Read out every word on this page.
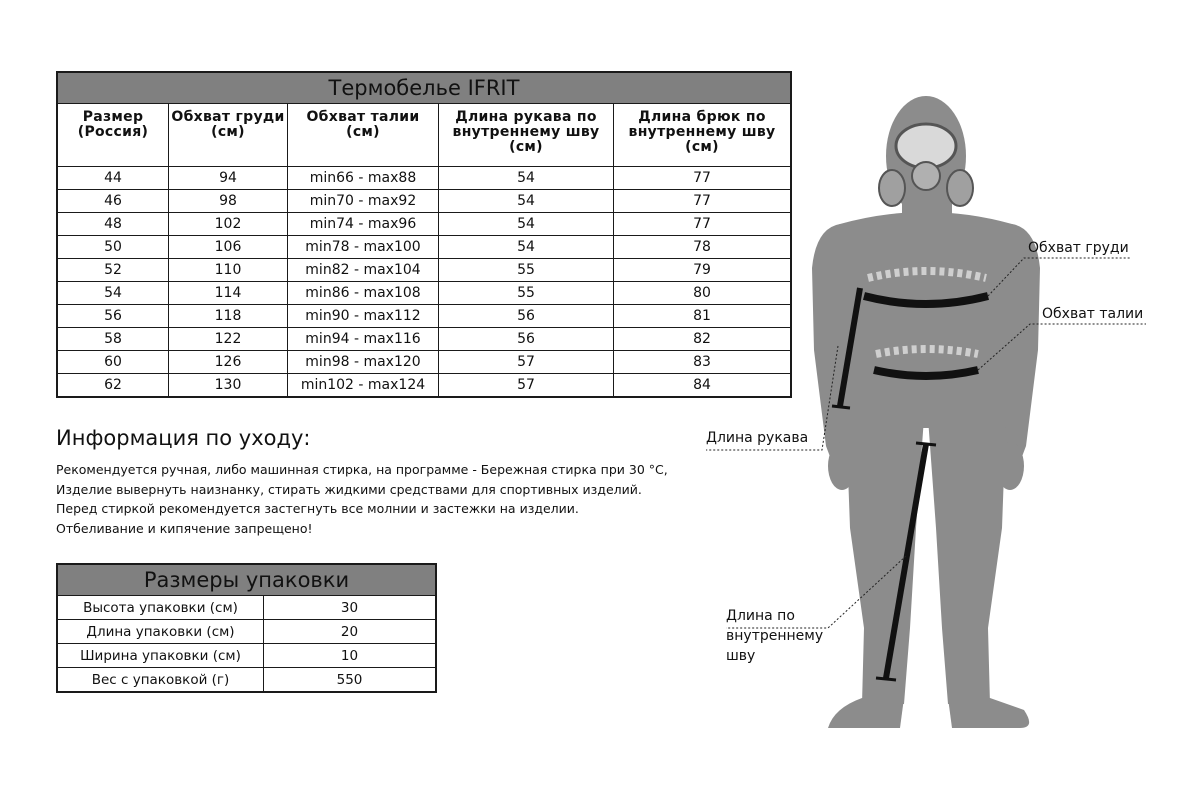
Термобелье IFRIT				
Размер (Россия)	Обхват груди (см)	Обхват талии (см)	Длина рукава по внутреннему шву (см)	Длина брюк по внутреннему шву (см)
44	94	min66 - max88	54	77
46	98	min70 - max92	54	77
48	102	min74 - max96	54	77
50	106	min78 - max100	54	78
52	110	min82 - max104	55	79
54	114	min86 - max108	55	80
56	118	min90 - max112	56	81
58	122	min94 - max116	56	82
60	126	min98 - max120	57	83
62	130	min102 - max124	57	84
Информация по уходу:
Рекомендуется ручная, либо машинная стирка, на программе - Бережная стирка при 30 °С,
Изделие вывернуть наизнанку, стирать жидкими средствами для спортивных изделий.
Перед стиркой рекомендуется застегнуть все молнии и застежки на изделии.
Отбеливание и кипячение запрещено!
Размеры упаковки	
Высота упаковки (см)	30
Длина упаковки (см)	20
Ширина упаковки (см)	10
Вес с упаковкой (г)	550
Обхват груди
Обхват талии
Длина рукава
Длина по
внутреннему
шву
